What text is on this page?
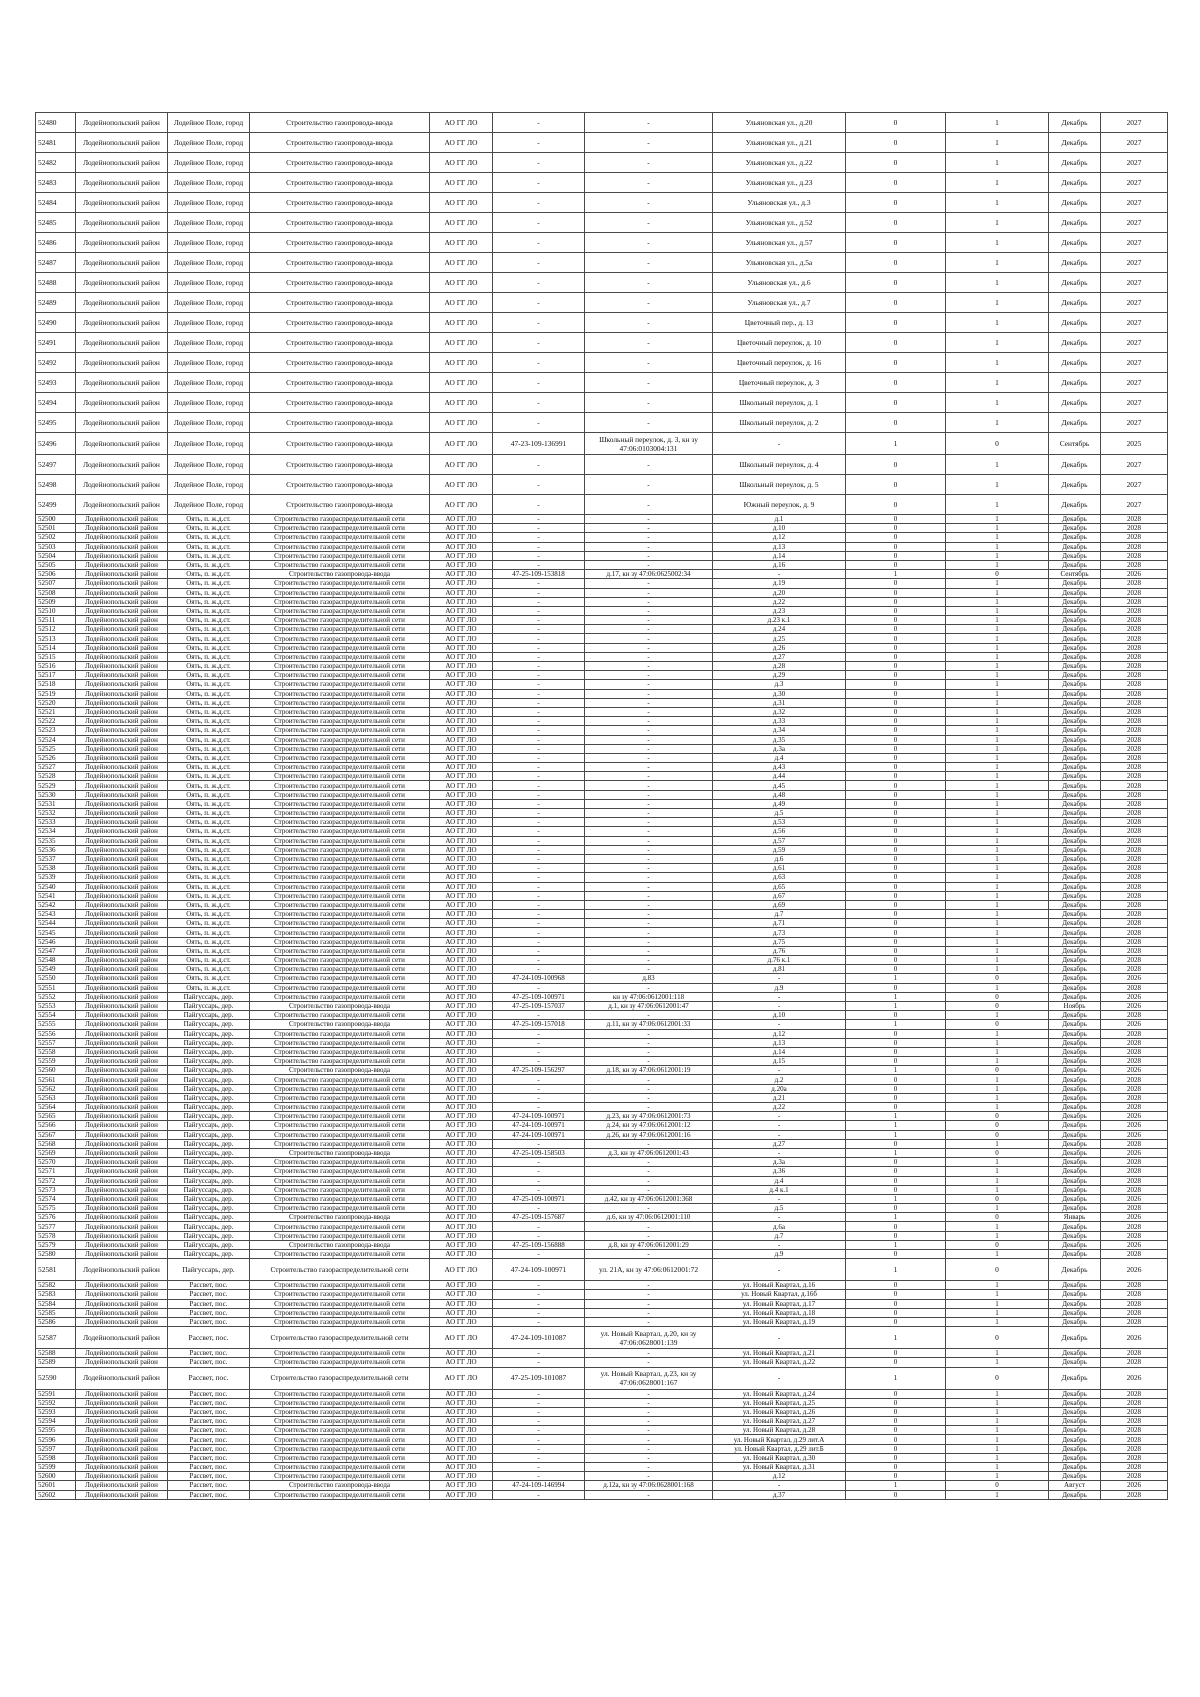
52480	Лодейнопольский район	Лодейное Поле, город	Строительство газопровода-ввода	АО ГГ ЛО	-	-	Ульяновская ул., д.20	0	1	Декабрь	2027
52481	Лодейнопольский район	Лодейное Поле, город	Строительство газопровода-ввода	АО ГГ ЛО	-	-	Ульяновская ул., д.21	0	1	Декабрь	2027
52482	Лодейнопольский район	Лодейное Поле, город	Строительство газопровода-ввода	АО ГГ ЛО	-	-	Ульяновская ул., д.22	0	1	Декабрь	2027
52483	Лодейнопольский район	Лодейное Поле, город	Строительство газопровода-ввода	АО ГГ ЛО	-	-	Ульяновская ул., д.23	0	1	Декабрь	2027
52484	Лодейнопольский район	Лодейное Поле, город	Строительство газопровода-ввода	АО ГГ ЛО	-	-	Ульяновская ул., д.3	0	1	Декабрь	2027
52485	Лодейнопольский район	Лодейное Поле, город	Строительство газопровода-ввода	АО ГГ ЛО	-	-	Ульяновская ул., д.52	0	1	Декабрь	2027
52486	Лодейнопольский район	Лодейное Поле, город	Строительство газопровода-ввода	АО ГГ ЛО	-	-	Ульяновская ул., д.57	0	1	Декабрь	2027
52487	Лодейнопольский район	Лодейное Поле, город	Строительство газопровода-ввода	АО ГГ ЛО	-	-	Ульяновская ул., д.5а	0	1	Декабрь	2027
52488	Лодейнопольский район	Лодейное Поле, город	Строительство газопровода-ввода	АО ГГ ЛО	-	-	Ульяновская ул., д.6	0	1	Декабрь	2027
52489	Лодейнопольский район	Лодейное Поле, город	Строительство газопровода-ввода	АО ГГ ЛО	-	-	Ульяновская ул., д.7	0	1	Декабрь	2027
52490	Лодейнопольский район	Лодейное Поле, город	Строительство газопровода-ввода	АО ГГ ЛО	-	-	Цветочный пер., д. 13	0	1	Декабрь	2027
52491	Лодейнопольский район	Лодейное Поле, город	Строительство газопровода-ввода	АО ГГ ЛО	-	-	Цветочный переулок, д. 10	0	1	Декабрь	2027
52492	Лодейнопольский район	Лодейное Поле, город	Строительство газопровода-ввода	АО ГГ ЛО	-	-	Цветочный переулок, д. 16	0	1	Декабрь	2027
52493	Лодейнопольский район	Лодейное Поле, город	Строительство газопровода-ввода	АО ГГ ЛО	-	-	Цветочный переулок, д. 3	0	1	Декабрь	2027
52494	Лодейнопольский район	Лодейное Поле, город	Строительство газопровода-ввода	АО ГГ ЛО	-	-	Школьный переулок, д. 1	0	1	Декабрь	2027
52495	Лодейнопольский район	Лодейное Поле, город	Строительство газопровода-ввода	АО ГГ ЛО	-	-	Школьный переулок, д. 2	0	1	Декабрь	2027
52496	Лодейнопольский район	Лодейное Поле, город	Строительство газопровода-ввода	АО ГГ ЛО	47-23-109-136991	Школьный переулок, д. 3, кн зу 47:06:0103004:131	-	1	0	Сентябрь	2025
52497	Лодейнопольский район	Лодейное Поле, город	Строительство газопровода-ввода	АО ГГ ЛО	-	-	Школьный переулок, д. 4	0	1	Декабрь	2027
52498	Лодейнопольский район	Лодейное Поле, город	Строительство газопровода-ввода	АО ГГ ЛО	-	-	Школьный переулок, д. 5	0	1	Декабрь	2027
52499	Лодейнопольский район	Лодейное Поле, город	Строительство газопровода-ввода	АО ГГ ЛО	-	-	Южный переулок, д. 9	0	1	Декабрь	2027
52500	Лодейнопольский район	Оять, п. ж.д.ст.	Строительство газораспределительной сети	АО ГГ ЛО	-	-	д.1	0	1	Декабрь	2028
52501	Лодейнопольский район	Оять, п. ж.д.ст.	Строительство газораспределительной сети	АО ГГ ЛО	-	-	д.10	0	1	Декабрь	2028
52502	Лодейнопольский район	Оять, п. ж.д.ст.	Строительство газораспределительной сети	АО ГГ ЛО	-	-	д.12	0	1	Декабрь	2028
52503	Лодейнопольский район	Оять, п. ж.д.ст.	Строительство газораспределительной сети	АО ГГ ЛО	-	-	д.13	0	1	Декабрь	2028
52504	Лодейнопольский район	Оять, п. ж.д.ст.	Строительство газораспределительной сети	АО ГГ ЛО	-	-	д.14	0	1	Декабрь	2028
52505	Лодейнопольский район	Оять, п. ж.д.ст.	Строительство газораспределительной сети	АО ГГ ЛО	-	-	д.16	0	1	Декабрь	2028
52506	Лодейнопольский район	Оять, п. ж.д.ст.	Строительство газопровода-ввода	АО ГГ ЛО	47-25-109-153818	д.17, кн зу 47:06:0625002:34	-	1	0	Сентябрь	2026
52507	Лодейнопольский район	Оять, п. ж.д.ст.	Строительство газораспределительной сети	АО ГГ ЛО	-	-	д.19	0	1	Декабрь	2028
52508	Лодейнопольский район	Оять, п. ж.д.ст.	Строительство газораспределительной сети	АО ГГ ЛО	-	-	д.20	0	1	Декабрь	2028
52509	Лодейнопольский район	Оять, п. ж.д.ст.	Строительство газораспределительной сети	АО ГГ ЛО	-	-	д.22	0	1	Декабрь	2028
52510	Лодейнопольский район	Оять, п. ж.д.ст.	Строительство газораспределительной сети	АО ГГ ЛО	-	-	д.23	0	1	Декабрь	2028
52511	Лодейнопольский район	Оять, п. ж.д.ст.	Строительство газораспределительной сети	АО ГГ ЛО	-	-	д.23 к.1	0	1	Декабрь	2028
52512	Лодейнопольский район	Оять, п. ж.д.ст.	Строительство газораспределительной сети	АО ГГ ЛО	-	-	д.24	0	1	Декабрь	2028
52513	Лодейнопольский район	Оять, п. ж.д.ст.	Строительство газораспределительной сети	АО ГГ ЛО	-	-	д.25	0	1	Декабрь	2028
52514	Лодейнопольский район	Оять, п. ж.д.ст.	Строительство газораспределительной сети	АО ГГ ЛО	-	-	д.26	0	1	Декабрь	2028
52515	Лодейнопольский район	Оять, п. ж.д.ст.	Строительство газораспределительной сети	АО ГГ ЛО	-	-	д.27	0	1	Декабрь	2028
52516	Лодейнопольский район	Оять, п. ж.д.ст.	Строительство газораспределительной сети	АО ГГ ЛО	-	-	д.28	0	1	Декабрь	2028
52517	Лодейнопольский район	Оять, п. ж.д.ст.	Строительство газораспределительной сети	АО ГГ ЛО	-	-	д.29	0	1	Декабрь	2028
52518	Лодейнопольский район	Оять, п. ж.д.ст.	Строительство газораспределительной сети	АО ГГ ЛО	-	-	д.3	0	1	Декабрь	2028
52519	Лодейнопольский район	Оять, п. ж.д.ст.	Строительство газораспределительной сети	АО ГГ ЛО	-	-	д.30	0	1	Декабрь	2028
52520	Лодейнопольский район	Оять, п. ж.д.ст.	Строительство газораспределительной сети	АО ГГ ЛО	-	-	д.31	0	1	Декабрь	2028
52521	Лодейнопольский район	Оять, п. ж.д.ст.	Строительство газораспределительной сети	АО ГГ ЛО	-	-	д.32	0	1	Декабрь	2028
52522	Лодейнопольский район	Оять, п. ж.д.ст.	Строительство газораспределительной сети	АО ГГ ЛО	-	-	д.33	0	1	Декабрь	2028
52523	Лодейнопольский район	Оять, п. ж.д.ст.	Строительство газораспределительной сети	АО ГГ ЛО	-	-	д.34	0	1	Декабрь	2028
52524	Лодейнопольский район	Оять, п. ж.д.ст.	Строительство газораспределительной сети	АО ГГ ЛО	-	-	д.35	0	1	Декабрь	2028
52525	Лодейнопольский район	Оять, п. ж.д.ст.	Строительство газораспределительной сети	АО ГГ ЛО	-	-	д.3а	0	1	Декабрь	2028
52526	Лодейнопольский район	Оять, п. ж.д.ст.	Строительство газораспределительной сети	АО ГГ ЛО	-	-	д.4	0	1	Декабрь	2028
52527	Лодейнопольский район	Оять, п. ж.д.ст.	Строительство газораспределительной сети	АО ГГ ЛО	-	-	д.43	0	1	Декабрь	2028
52528	Лодейнопольский район	Оять, п. ж.д.ст.	Строительство газораспределительной сети	АО ГГ ЛО	-	-	д.44	0	1	Декабрь	2028
52529	Лодейнопольский район	Оять, п. ж.д.ст.	Строительство газораспределительной сети	АО ГГ ЛО	-	-	д.45	0	1	Декабрь	2028
52530	Лодейнопольский район	Оять, п. ж.д.ст.	Строительство газораспределительной сети	АО ГГ ЛО	-	-	д.48	0	1	Декабрь	2028
52531	Лодейнопольский район	Оять, п. ж.д.ст.	Строительство газораспределительной сети	АО ГГ ЛО	-	-	д.49	0	1	Декабрь	2028
52532	Лодейнопольский район	Оять, п. ж.д.ст.	Строительство газораспределительной сети	АО ГГ ЛО	-	-	д.5	0	1	Декабрь	2028
52533	Лодейнопольский район	Оять, п. ж.д.ст.	Строительство газораспределительной сети	АО ГГ ЛО	-	-	д.53	0	1	Декабрь	2028
52534	Лодейнопольский район	Оять, п. ж.д.ст.	Строительство газораспределительной сети	АО ГГ ЛО	-	-	д.56	0	1	Декабрь	2028
52535	Лодейнопольский район	Оять, п. ж.д.ст.	Строительство газораспределительной сети	АО ГГ ЛО	-	-	д.57	0	1	Декабрь	2028
52536	Лодейнопольский район	Оять, п. ж.д.ст.	Строительство газораспределительной сети	АО ГГ ЛО	-	-	д.59	0	1	Декабрь	2028
52537	Лодейнопольский район	Оять, п. ж.д.ст.	Строительство газораспределительной сети	АО ГГ ЛО	-	-	д.6	0	1	Декабрь	2028
52538	Лодейнопольский район	Оять, п. ж.д.ст.	Строительство газораспределительной сети	АО ГГ ЛО	-	-	д.61	0	1	Декабрь	2028
52539	Лодейнопольский район	Оять, п. ж.д.ст.	Строительство газораспределительной сети	АО ГГ ЛО	-	-	д.63	0	1	Декабрь	2028
52540	Лодейнопольский район	Оять, п. ж.д.ст.	Строительство газораспределительной сети	АО ГГ ЛО	-	-	д.65	0	1	Декабрь	2028
52541	Лодейнопольский район	Оять, п. ж.д.ст.	Строительство газораспределительной сети	АО ГГ ЛО	-	-	д.67	0	1	Декабрь	2028
52542	Лодейнопольский район	Оять, п. ж.д.ст.	Строительство газораспределительной сети	АО ГГ ЛО	-	-	д.69	0	1	Декабрь	2028
52543	Лодейнопольский район	Оять, п. ж.д.ст.	Строительство газораспределительной сети	АО ГГ ЛО	-	-	д.7	0	1	Декабрь	2028
52544	Лодейнопольский район	Оять, п. ж.д.ст.	Строительство газораспределительной сети	АО ГГ ЛО	-	-	д.71	0	1	Декабрь	2028
52545	Лодейнопольский район	Оять, п. ж.д.ст.	Строительство газораспределительной сети	АО ГГ ЛО	-	-	д.73	0	1	Декабрь	2028
52546	Лодейнопольский район	Оять, п. ж.д.ст.	Строительство газораспределительной сети	АО ГГ ЛО	-	-	д.75	0	1	Декабрь	2028
52547	Лодейнопольский район	Оять, п. ж.д.ст.	Строительство газораспределительной сети	АО ГГ ЛО	-	-	д.76	0	1	Декабрь	2028
52548	Лодейнопольский район	Оять, п. ж.д.ст.	Строительство газораспределительной сети	АО ГГ ЛО	-	-	д.76 к.1	0	1	Декабрь	2028
52549	Лодейнопольский район	Оять, п. ж.д.ст.	Строительство газораспределительной сети	АО ГГ ЛО	-	-	д.81	0	1	Декабрь	2028
52550	Лодейнопольский район	Оять, п. ж.д.ст.	Строительство газораспределительной сети	АО ГГ ЛО	47-24-109-100968	д.83	-	1	0	Декабрь	2026
52551	Лодейнопольский район	Оять, п. ж.д.ст.	Строительство газораспределительной сети	АО ГГ ЛО	-	-	д.9	0	1	Декабрь	2028
52552	Лодейнопольский район	Пайгуссарь, дер.	Строительство газораспределительной сети	АО ГГ ЛО	47-25-109-100971	кн зу 47:06:0612001:118	-	1	0	Декабрь	2026
52553	Лодейнопольский район	Пайгуссарь, дер.	Строительство газопровода-ввода	АО ГГ ЛО	47-25-109-157037	д.1, кн зу 47:06:0612001:47	-	1	0	Ноябрь	2026
52554	Лодейнопольский район	Пайгуссарь, дер.	Строительство газораспределительной сети	АО ГГ ЛО	-	-	д.10	0	1	Декабрь	2028
52555	Лодейнопольский район	Пайгуссарь, дер.	Строительство газопровода-ввода	АО ГГ ЛО	47-25-109-157018	д.11, кн зу 47:06:0612001:33	-	1	0	Декабрь	2026
52556	Лодейнопольский район	Пайгуссарь, дер.	Строительство газораспределительной сети	АО ГГ ЛО	-	-	д.12	0	1	Декабрь	2028
52557	Лодейнопольский район	Пайгуссарь, дер.	Строительство газораспределительной сети	АО ГГ ЛО	-	-	д.13	0	1	Декабрь	2028
52558	Лодейнопольский район	Пайгуссарь, дер.	Строительство газораспределительной сети	АО ГГ ЛО	-	-	д.14	0	1	Декабрь	2028
52559	Лодейнопольский район	Пайгуссарь, дер.	Строительство газораспределительной сети	АО ГГ ЛО	-	-	д.15	0	1	Декабрь	2028
52560	Лодейнопольский район	Пайгуссарь, дер.	Строительство газопровода-ввода	АО ГГ ЛО	47-25-109-156297	д.18, кн зу 47:06:0612001:19	-	1	0	Декабрь	2026
52561	Лодейнопольский район	Пайгуссарь, дер.	Строительство газораспределительной сети	АО ГГ ЛО	-	-	д.2	0	1	Декабрь	2028
52562	Лодейнопольский район	Пайгуссарь, дер.	Строительство газораспределительной сети	АО ГГ ЛО	-	-	д.20а	0	1	Декабрь	2028
52563	Лодейнопольский район	Пайгуссарь, дер.	Строительство газораспределительной сети	АО ГГ ЛО	-	-	д.21	0	1	Декабрь	2028
52564	Лодейнопольский район	Пайгуссарь, дер.	Строительство газораспределительной сети	АО ГГ ЛО	-	-	д.22	0	1	Декабрь	2028
52565	Лодейнопольский район	Пайгуссарь, дер.	Строительство газораспределительной сети	АО ГГ ЛО	47-24-109-100971	д.23, кн зу 47:06:0612001:73	-	1	0	Декабрь	2026
52566	Лодейнопольский район	Пайгуссарь, дер.	Строительство газораспределительной сети	АО ГГ ЛО	47-24-109-100971	д.24, кн зу 47:06:0612001:12	-	1	0	Декабрь	2026
52567	Лодейнопольский район	Пайгуссарь, дер.	Строительство газораспределительной сети	АО ГГ ЛО	47-24-109-100971	д.26, кн зу 47:06:0612001:16	-	1	0	Декабрь	2026
52568	Лодейнопольский район	Пайгуссарь, дер.	Строительство газораспределительной сети	АО ГГ ЛО	-	-	д.27	0	1	Декабрь	2028
52569	Лодейнопольский район	Пайгуссарь, дер.	Строительство газопровода-ввода	АО ГГ ЛО	47-25-109-158503	д.3, кн зу 47:06:0612001:43	-	1	0	Декабрь	2026
52570	Лодейнопольский район	Пайгуссарь, дер.	Строительство газораспределительной сети	АО ГГ ЛО	-	-	д.3а	0	1	Декабрь	2028
52571	Лодейнопольский район	Пайгуссарь, дер.	Строительство газораспределительной сети	АО ГГ ЛО	-	-	д.36	0	1	Декабрь	2028
52572	Лодейнопольский район	Пайгуссарь, дер.	Строительство газораспределительной сети	АО ГГ ЛО	-	-	д.4	0	1	Декабрь	2028
52573	Лодейнопольский район	Пайгуссарь, дер.	Строительство газораспределительной сети	АО ГГ ЛО	-	-	д.4 к.1	0	1	Декабрь	2028
52574	Лодейнопольский район	Пайгуссарь, дер.	Строительство газораспределительной сети	АО ГГ ЛО	47-25-109-100971	д.42, кн зу 47:06:0612001:368	-	1	0	Декабрь	2026
52575	Лодейнопольский район	Пайгуссарь, дер.	Строительство газораспределительной сети	АО ГГ ЛО	-	-	д.5	0	1	Декабрь	2028
52576	Лодейнопольский район	Пайгуссарь, дер.	Строительство газопровода-ввода	АО ГГ ЛО	47-25-109-157687	д.6, кн зу 47:06:0612001:110	-	1	0	Январь	2026
52577	Лодейнопольский район	Пайгуссарь, дер.	Строительство газораспределительной сети	АО ГГ ЛО	-	-	д.6а	0	1	Декабрь	2028
52578	Лодейнопольский район	Пайгуссарь, дер.	Строительство газораспределительной сети	АО ГГ ЛО	-	-	д.7	0	1	Декабрь	2028
52579	Лодейнопольский район	Пайгуссарь, дер.	Строительство газопровода-ввода	АО ГГ ЛО	47-25-109-156888	д.8, кн зу 47:06:0612001:29	-	1	0	Декабрь	2026
52580	Лодейнопольский район	Пайгуссарь, дер.	Строительство газораспределительной сети	АО ГГ ЛО	-	-	д.9	0	1	Декабрь	2028
52581	Лодейнопольский район	Пайгуссарь, дер.	Строительство газораспределительной сети	АО ГГ ЛО	47-24-109-100971	ул. 21А, кн зу 47:06:0612001:72	-	1	0	Декабрь	2026
52582	Лодейнопольский район	Рассвет, пос.	Строительство газораспределительной сети	АО ГГ ЛО	-	-	ул. Новый Квартал, д.16	0	1	Декабрь	2028
52583	Лодейнопольский район	Рассвет, пос.	Строительство газораспределительной сети	АО ГГ ЛО	-	-	ул. Новый Квартал, д.16б	0	1	Декабрь	2028
52584	Лодейнопольский район	Рассвет, пос.	Строительство газораспределительной сети	АО ГГ ЛО	-	-	ул. Новый Квартал, д.17	0	1	Декабрь	2028
52585	Лодейнопольский район	Рассвет, пос.	Строительство газораспределительной сети	АО ГГ ЛО	-	-	ул. Новый Квартал, д.18	0	1	Декабрь	2028
52586	Лодейнопольский район	Рассвет, пос.	Строительство газораспределительной сети	АО ГГ ЛО	-	-	ул. Новый Квартал, д.19	0	1	Декабрь	2028
52587	Лодейнопольский район	Рассвет, пос.	Строительство газораспределительной сети	АО ГГ ЛО	47-24-109-101087	ул. Новый Квартал, д.20, кн зу 47:06:0628001:139	-	1	0	Декабрь	2026
52588	Лодейнопольский район	Рассвет, пос.	Строительство газораспределительной сети	АО ГГ ЛО	-	-	ул. Новый Квартал, д.21	0	1	Декабрь	2028
52589	Лодейнопольский район	Рассвет, пос.	Строительство газораспределительной сети	АО ГГ ЛО	-	-	ул. Новый Квартал, д.22	0	1	Декабрь	2028
52590	Лодейнопольский район	Рассвет, пос.	Строительство газораспределительной сети	АО ГГ ЛО	47-25-109-101087	ул. Новый Квартал, д.23, кн зу 47:06:0628001:167	-	1	0	Декабрь	2026
52591	Лодейнопольский район	Рассвет, пос.	Строительство газораспределительной сети	АО ГГ ЛО	-	-	ул. Новый Квартал, д.24	0	1	Декабрь	2028
52592	Лодейнопольский район	Рассвет, пос.	Строительство газораспределительной сети	АО ГГ ЛО	-	-	ул. Новый Квартал, д.25	0	1	Декабрь	2028
52593	Лодейнопольский район	Рассвет, пос.	Строительство газораспределительной сети	АО ГГ ЛО	-	-	ул. Новый Квартал, д.26	0	1	Декабрь	2028
52594	Лодейнопольский район	Рассвет, пос.	Строительство газораспределительной сети	АО ГГ ЛО	-	-	ул. Новый Квартал, д.27	0	1	Декабрь	2028
52595	Лодейнопольский район	Рассвет, пос.	Строительство газораспределительной сети	АО ГГ ЛО	-	-	ул. Новый Квартал, д.28	0	1	Декабрь	2028
52596	Лодейнопольский район	Рассвет, пос.	Строительство газораспределительной сети	АО ГГ ЛО	-	-	ул. Новый Квартал, д.29 лит.А	0	1	Декабрь	2028
52597	Лодейнопольский район	Рассвет, пос.	Строительство газораспределительной сети	АО ГГ ЛО	-	-	ул. Новый Квартал, д.29 лит.Б	0	1	Декабрь	2028
52598	Лодейнопольский район	Рассвет, пос.	Строительство газораспределительной сети	АО ГГ ЛО	-	-	ул. Новый Квартал, д.30	0	1	Декабрь	2028
52599	Лодейнопольский район	Рассвет, пос.	Строительство газораспределительной сети	АО ГГ ЛО	-	-	ул. Новый Квартал, д.31	0	1	Декабрь	2028
52600	Лодейнопольский район	Рассвет, пос.	Строительство газораспределительной сети	АО ГГ ЛО	-	-	д.12	0	1	Декабрь	2028
52601	Лодейнопольский район	Рассвет, пос.	Строительство газопровода-ввода	АО ГГ ЛО	47-24-109-146994	д.12а, кн зу 47:06:0628001:168	-	1	0	Август	2026
52602	Лодейнопольский район	Рассвет, пос.	Строительство газораспределительной сети	АО ГГ ЛО	-	-	д.37	0	1	Декабрь	2028
